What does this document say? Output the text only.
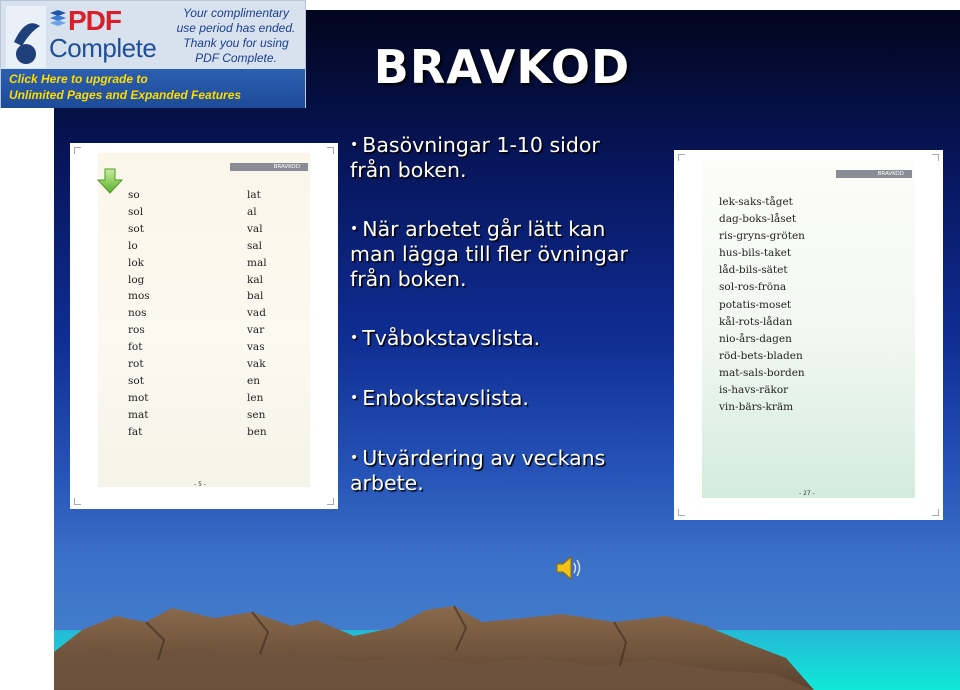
BRAVKOD
BRAVKOD
so
sol
sot
lo
lok
log
mos
nos
ros
fot
rot
sot
mot
mat
fat
lat
al
val
sal
mal
kal
bal
vad
var
vas
vak
en
len
sen
ben
- 5 -
BRAVKOD
lek-saks-tåget
dag-boks-låset
ris-gryns-gröten
hus-bils-taket
låd-bils-sätet
sol-ros-fröna
potatis-moset
kål-rots-lådan
nio-års-dagen
röd-bets-bladen
mat-sals-borden
is-havs-räkor
vin-bärs-kräm
- 27 -
• Basövningar 1-10 sidor
från boken.
• När arbetet går lätt kan
man lägga till fler övningar
från boken.
• Tvåbokstavslista.
• Enbokstavslista.
• Utvärdering av veckans
arbete.
PDF
Complete
Your complimentary
use period has ended.
Thank you for using
PDF Complete.
Click Here to upgrade to
Unlimited Pages and Expanded Features
